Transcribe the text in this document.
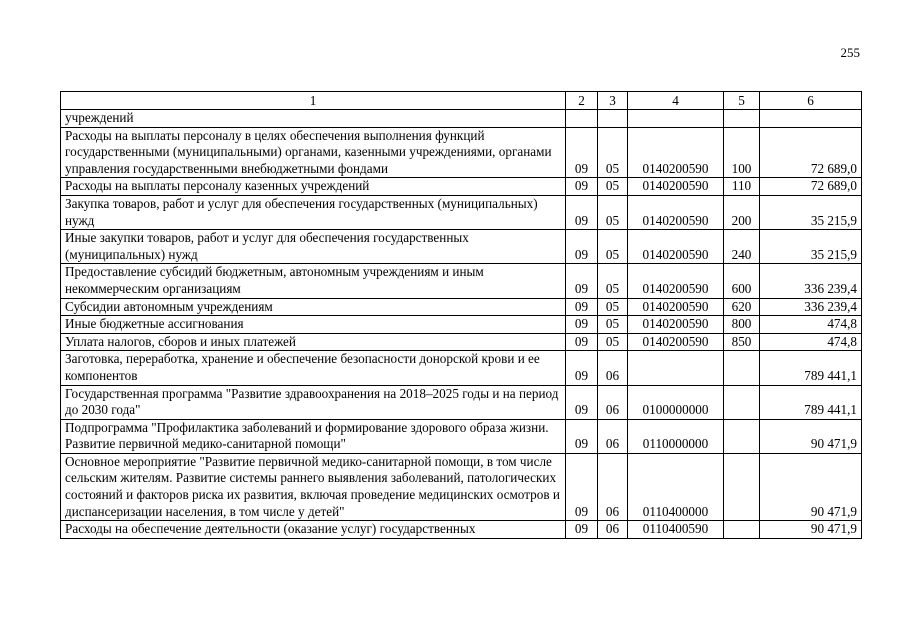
255
1	2	3	4	5	6
учреждений					
Расходы на выплаты персоналу в целях обеспечения выполнения функций государственными (муниципальными) органами, казенными учреждениями, органами управления государственными внебюджетными фондами	09	05	0140200590	100	72 689,0
Расходы на выплаты персоналу казенных учреждений	09	05	0140200590	110	72 689,0
Закупка товаров, работ и услуг для обеспечения государственных (муниципальных) нужд	09	05	0140200590	200	35 215,9
Иные закупки товаров, работ и услуг для обеспечения государственных (муниципальных) нужд	09	05	0140200590	240	35 215,9
Предоставление субсидий бюджетным, автономным учреждениям и иным некоммерческим организациям	09	05	0140200590	600	336 239,4
Субсидии автономным учреждениям	09	05	0140200590	620	336 239,4
Иные бюджетные ассигнования	09	05	0140200590	800	474,8
Уплата налогов, сборов и иных платежей	09	05	0140200590	850	474,8
Заготовка, переработка, хранение и обеспечение безопасности донорской крови и ее компонентов	09	06			789 441,1
Государственная программа "Развитие здравоохранения на 2018–2025 годы и на период до 2030 года"	09	06	0100000000		789 441,1
Подпрограмма "Профилактика заболеваний и формирование здорового образа жизни. Развитие первичной медико-санитарной помощи"	09	06	0110000000		90 471,9
Основное мероприятие "Развитие первичной медико-санитарной помощи, в том числе сельским жителям. Развитие системы раннего выявления заболеваний, патологических состояний и факторов риска их развития, включая проведение медицинских осмотров и диспансеризации населения, в том числе у детей"	09	06	0110400000		90 471,9
Расходы на обеспечение деятельности (оказание услуг) государственных	09	06	0110400590		90 471,9
